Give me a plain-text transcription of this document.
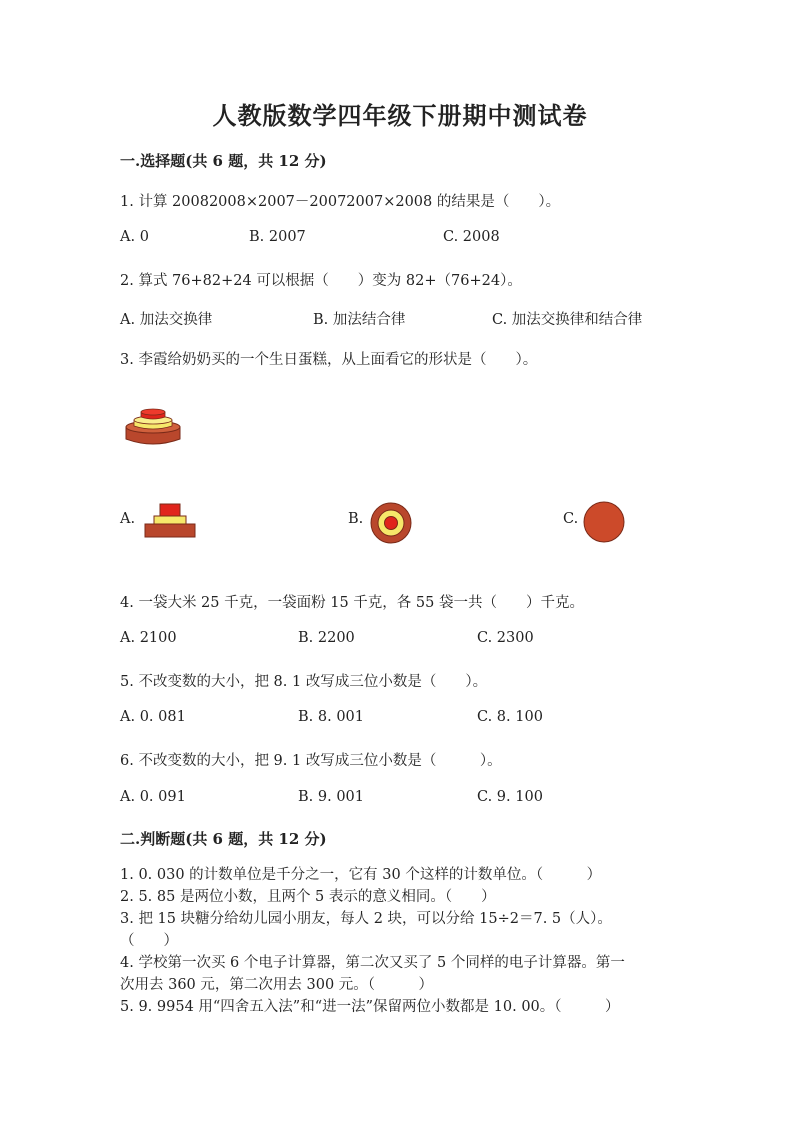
人教版数学四年级下册期中测试卷
一.选择题(共 6 题，共 12 分)
1. 计算 20082008×2007－20072007×2008 的结果是（　　）。
A. 0	B. 2007	C. 2008
2. 算式 76+82+24 可以根据（　　）变为 82+（76+24）。
A. 加法交换律	B. 加法结合律	C. 加法交换律和结合律
3. 李霞给奶奶买的一个生日蛋糕，从上面看它的形状是（　　）。
A.	B.	C.
4. 一袋大米 25 千克，一袋面粉 15 千克，各 55 袋一共（　　）千克。
A. 2100	B. 2200	C. 2300
5. 不改变数的大小，把 8. 1 改写成三位小数是（　　）。
A. 0. 081	B. 8. 001	C. 8. 100
6. 不改变数的大小，把 9. 1 改写成三位小数是（　　　）。
A. 0. 091	B. 9. 001	C. 9. 100
二.判断题(共 6 题，共 12 分)
1. 0. 030 的计数单位是千分之一，它有 30 个这样的计数单位。（　　　）
2. 5. 85 是两位小数，且两个 5 表示的意义相同。（　　）
3. 把 15 块糖分给幼儿园小朋友，每人 2 块，可以分给 15÷2＝7. 5（人）。
（　　）
4. 学校第一次买 6 个电子计算器，第二次又买了 5 个同样的电子计算器。第一
次用去 360 元，第二次用去 300 元。（　　　）
5. 9. 9954 用“四舍五入法”和“进一法”保留两位小数都是 10. 00。（　　　）
